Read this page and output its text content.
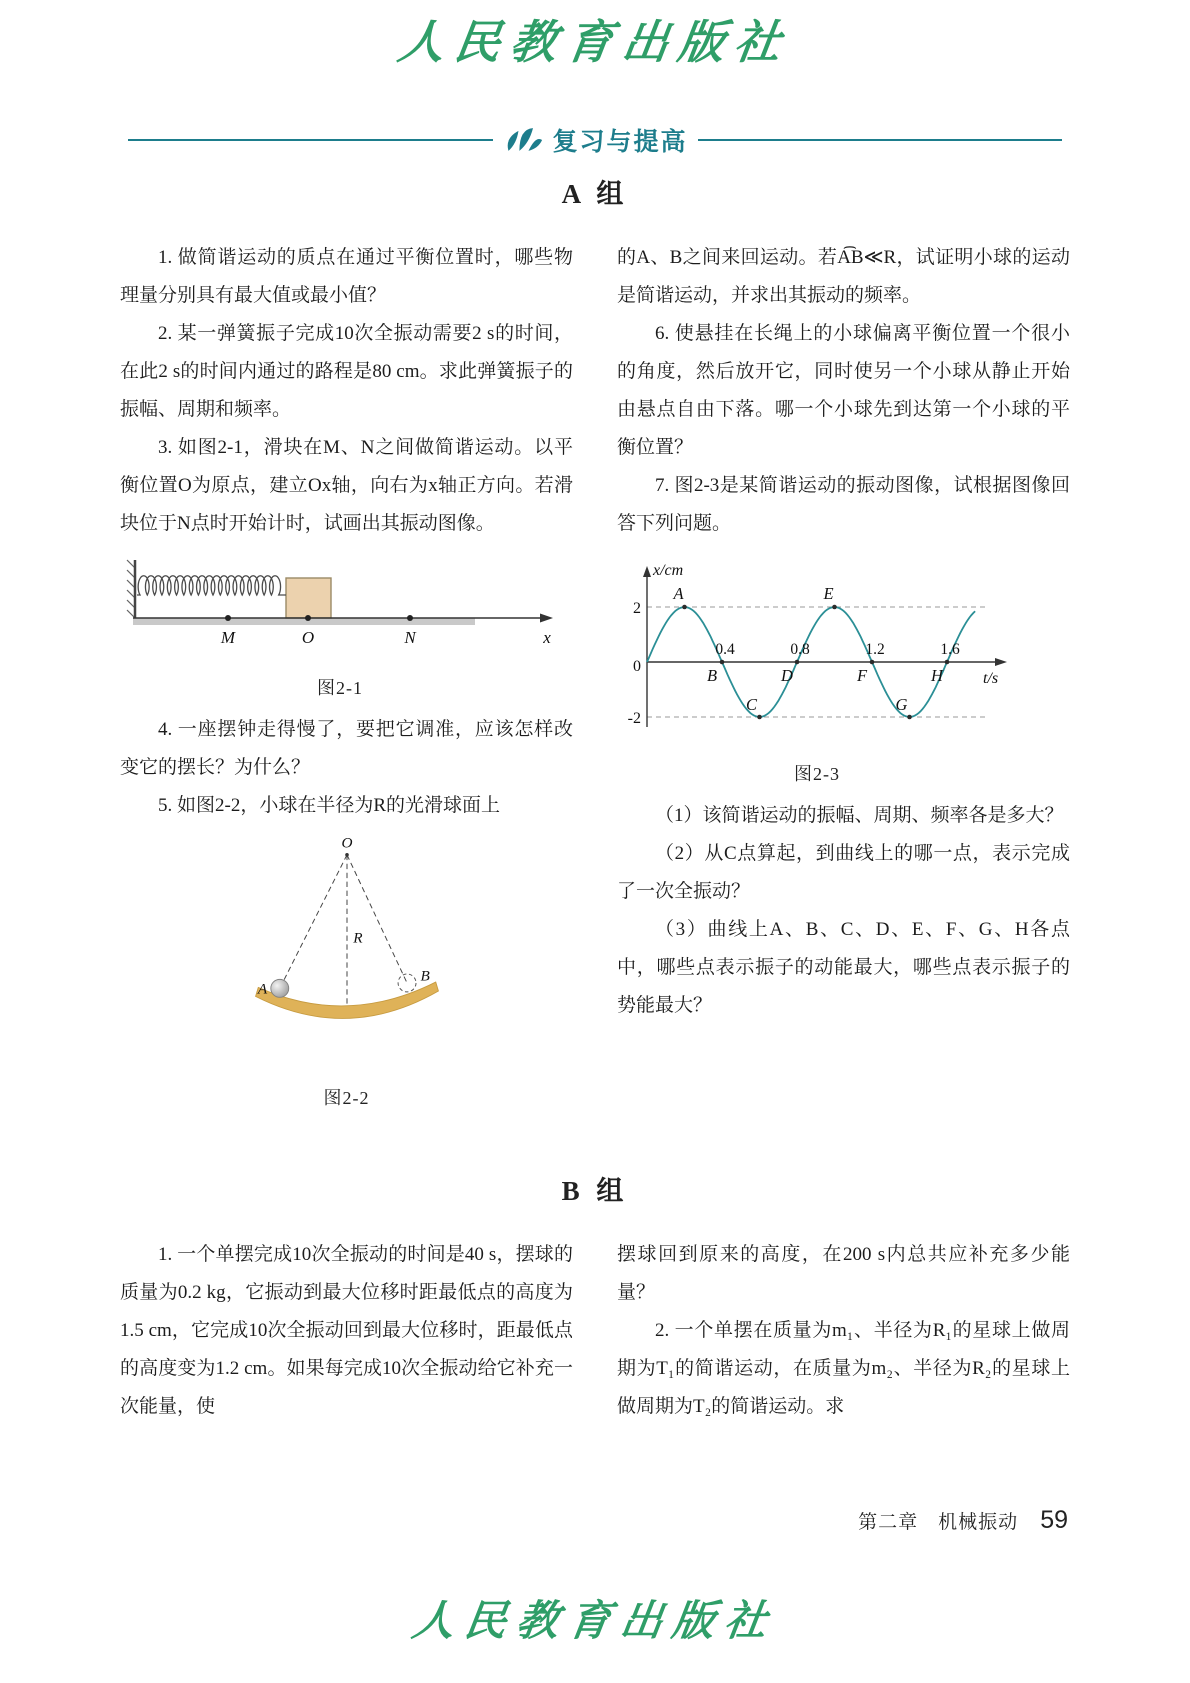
人民教育出版社
复习与提高
A 组

1. 做简谐运动的质点在通过平衡位置时，哪些物理量分别具有最大值或最小值？

2. 某一弹簧振子完成10次全振动需要2 s的时间，在此2 s的时间内通过的路程是80 cm。求此弹簧振子的振幅、周期和频率。

3. 如图2-1，滑块在M、N之间做简谐运动。以平衡位置O为原点，建立Ox轴，向右为x轴正方向。若滑块位于N点时开始计时，试画出其振动图像。

M	O	N	x
图2-1

4. 一座摆钟走得慢了，要把它调准，应该怎样改变它的摆长？为什么？

5. 如图2-2，小球在半径为R的光滑球面上

O
R
A
B
图2-2

的A、B之间来回运动。若A͡B≪R，试证明小球的运动是简谐运动，并求出其振动的频率。

6. 使悬挂在长绳上的小球偏离平衡位置一个很小的角度，然后放开它，同时使另一个小球从静止开始由悬点自由下落。哪一个小球先到达第一个小球的平衡位置？

7. 图2-3是某简谐运动的振动图像，试根据图像回答下列问题。

x/cm
t/s
2
0
-2
A
B
0.4
C
D
0.8
E
F
1.2
G
H
1.6
图2-3

（1）该简谐运动的振幅、周期、频率各是多大？

（2）从C点算起，到曲线上的哪一点，表示完成了一次全振动？

（3）曲线上A、B、C、D、E、F、G、H各点中，哪些点表示振子的动能最大，哪些点表示振子的势能最大？

B 组

1. 一个单摆完成10次全振动的时间是40 s，摆球的质量为0.2 kg，它振动到最大位移时距最低点的高度为1.5 cm，它完成10次全振动回到最大位移时，距最低点的高度变为1.2 cm。如果每完成10次全振动给它补充一次能量，使

摆球回到原来的高度，在200 s内总共应补充多少能量？

2. 一个单摆在质量为m₁、半径为R₁的星球上做周期为T₁的简谐运动，在质量为m₂、半径为R₂的星球上做周期为T₂的简谐运动。求

第二章　机械振动 59
人民教育出版社
